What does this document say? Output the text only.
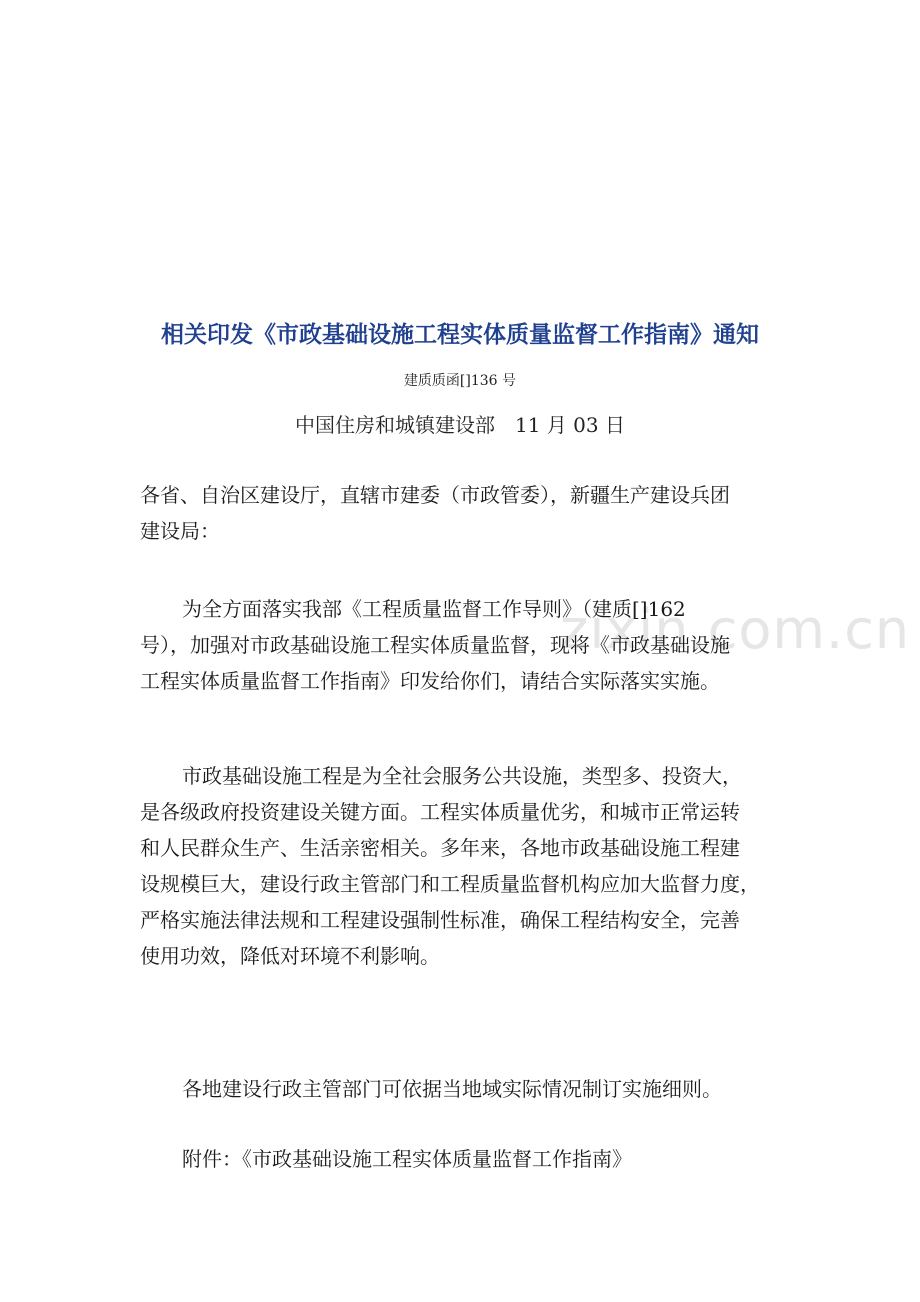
zixin.com.cn
相关印发《市政基础设施工程实体质量监督工作指南》通知
建质质函[]136 号
中国住房和城镇建设部　11 月 03 日
各省、自治区建设厅，直辖市建委（市政管委），新疆生产建设兵团
建设局：
为全方面落实我部《工程质量监督工作导则》（建质[]162
号），加强对市政基础设施工程实体质量监督，现将《市政基础设施
工程实体质量监督工作指南》印发给你们，请结合实际落实实施。
市政基础设施工程是为全社会服务公共设施，类型多、投资大，
是各级政府投资建设关键方面。工程实体质量优劣，和城市正常运转
和人民群众生产、生活亲密相关。多年来，各地市政基础设施工程建
设规模巨大，建设行政主管部门和工程质量监督机构应加大监督力度，
严格实施法律法规和工程建设强制性标准，确保工程结构安全，完善
使用功效，降低对环境不利影响。
各地建设行政主管部门可依据当地域实际情况制订实施细则。
附件：《市政基础设施工程实体质量监督工作指南》
